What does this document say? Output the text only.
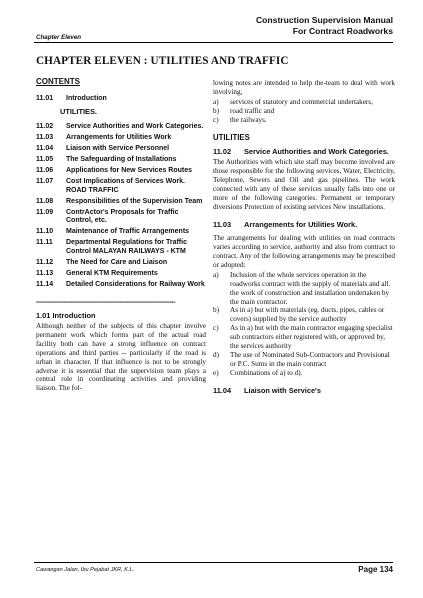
Construction Supervision Manual
For Contract Roadworks
Chapter Eleven
CHAPTER ELEVEN : UTILITIES AND TRAFFIC
CONTENTS
11.01	Introduction
UTILITIES.
11.02	Service Authorities and Work Categories.
11.03	Arrangements for Utilities Work
11.04	Liaison with Service Personnel
11.05	The Safeguarding of Installations
11.06	Applications for New Services Routes
11.07	Cost Implications of Services Work. ROAD TRAFFIC
11.08	Responsibilities of the Supervision Team
11.09	ContrActor's Proposals for Traffic Control, etc.
11.10	Maintenance of Traffic Arrangements
11.11	Departmental Regulations for Traffic Control MALAYAN RAILWAYS - KTM
11.12	The Need for Care and Liaison
11.13	General KTM Requirements
11.14	Detailed Considerations for Railway Work
------------------------------------------------------------------------
1.01 Introduction
Although neither of the subjects of this chapter involve permanent work which forms part of the actual road facility both can have a strong influence on contract operations and third parties -- particularly if the road is urban in character. If that influence is not to be strongly adverse it is essential that the supervision team plays a central role in coordinating activities and providing liaison. The fol-
lowing notes are intended to help the-team to deal with work involving,
a)	services of statutory and commercial undertakers,
b)	road traffic and
c)	the railways.
UTILITIES
11.02	Service Authorities and Work Categories.
The Authorities with which site staff may become involved are those responsible for the following services, Water, Electricity, Telephone, Sewers and Oil and gas pipelines. The work connected with any of these services usually falls into one or more of the following categories. Permanent or temporary diversions Protection of existing services New installations.
11.03	Arrangements for Utilities Work.
The arrangements for dealing with utilities on road contracts varies according to service, authority and also from contract to contract. Any of the following arrangements may be prescribed or adopted:
a)	Inclusion of the whole services operation in the roadworks contract with the supply of materials and all. the work of construction and installation undertaken by the main contractor.
b)	As in a) but with materials (eg. ducts, pipes, cables or covers) supplied by the service authority
c)	As in a) but with the main contractor engaging specialist sub contractors either registered with, or approved by, the services authority
d)	The use of Nominated Sub-Contractors and Provisional or P.C. Sums in the main contract
e)	Combinations of a) to d).
11.04	Liaison with Service's
Cawangan Jalan, Ibu Pejabat JKR, K.L.	Page 134
